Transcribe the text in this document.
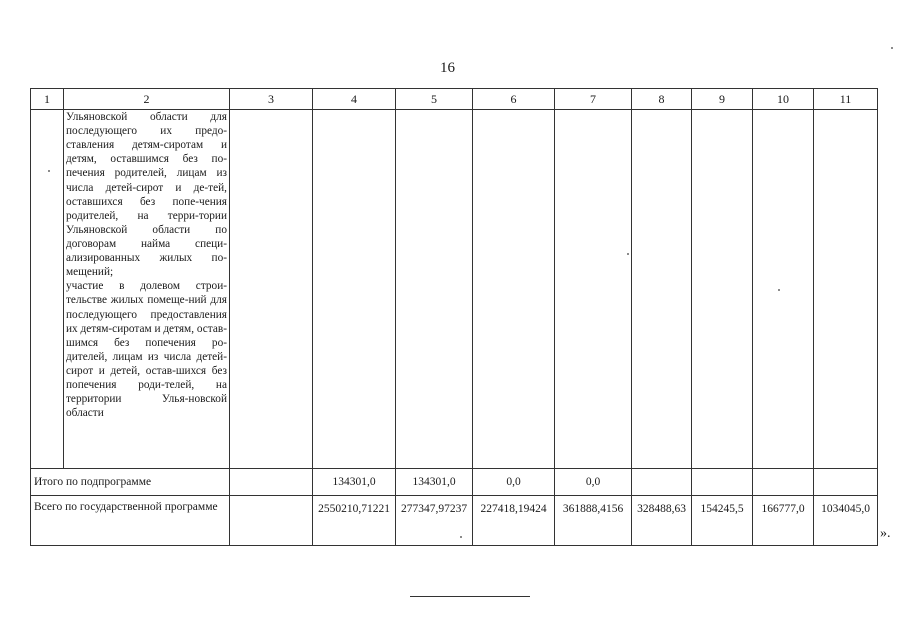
16
1	2	3	4	5	6	7	8	9	10	11

	Ульяновской области для последующего их предо-ставления детям-сиротам и детям, оставшимся без по-печения родителей, лицам из числа детей-сирот и де-тей, оставшихся без попе-чения родителей, на терри-тории Ульяновской области по договорам найма специ-ализированных жилых по-мещений;

участие в долевом строи-тельстве жилых помеще-ний для последующего предоставления их детям-сиротам и детям, остав-шимся без попечения ро-дителей, лицам из числа детей-сирот и детей, остав-шихся без попечения роди-телей, на территории Улья-новской области									

Итого по подпрограмме			134301,0	134301,0	0,0	0,0				
Всего по государственной программе			2550210,71221	277347,97237	227418,19424	361888,4156	328488,63	154245,5	166777,0	1034045,0
».
